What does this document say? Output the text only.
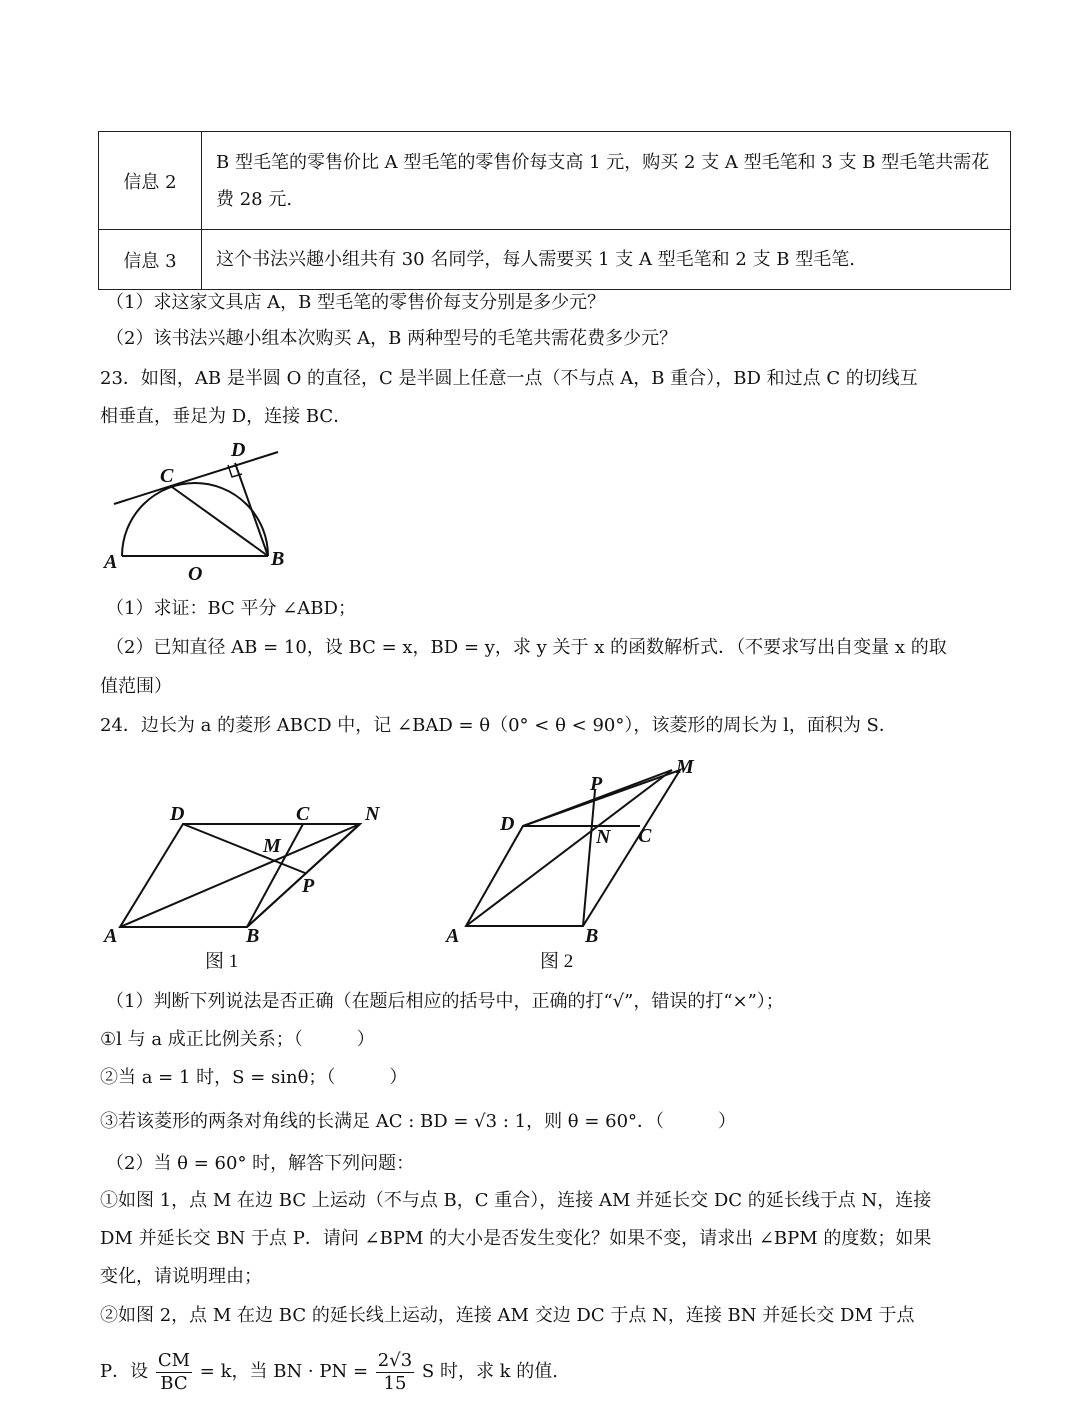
信息 2	B 型毛笔的零售价比 A 型毛笔的零售价每支高 1 元，购买 2 支 A 型毛笔和 3 支 B 型毛笔共需花费 28 元.
信息 3	这个书法兴趣小组共有 30 名同学，每人需要买 1 支 A 型毛笔和 2 支 B 型毛笔.
（1）求这家文具店 A，B 型毛笔的零售价每支分别是多少元？
（2）该书法兴趣小组本次购买 A，B 两种型号的毛笔共需花费多少元？
23．如图，AB 是半圆 O 的直径，C 是半圆上任意一点（不与点 A，B 重合），BD 和过点 C 的切线互
相垂直，垂足为 D，连接 BC．
D
C
A	B
O
（1）求证：BC 平分 ∠ABD；
（2）已知直径 AB = 10，设 BC = x，BD = y，求 y 关于 x 的函数解析式．（不要求写出自变量 x 的取
值范围）
24．边长为 a 的菱形 ABCD 中，记 ∠BAD = θ（0° < θ < 90°），该菱形的周长为 l，面积为 S．
D	C	N
M
P
A	B
图 1
P
M
D
N C
A	B
图 2
（1）判断下列说法是否正确（在题后相应的括号中，正确的打“√”，错误的打“×”）；
①l 与 a 成正比例关系；（　　　）
②当 a = 1 时，S = sinθ；（　　　）
③若该菱形的两条对角线的长满足 AC : BD = √3 : 1，则 θ = 60°．（　　　）
（2）当 θ = 60° 时，解答下列问题：
①如图 1，点 M 在边 BC 上运动（不与点 B，C 重合），连接 AM 并延长交 DC 的延长线于点 N，连接
DM 并延长交 BN 于点 P．请问 ∠BPM 的大小是否发生变化？如果不变，请求出 ∠BPM 的度数；如果
变化，请说明理由；
②如图 2，点 M 在边 BC 的延长线上运动，连接 AM 交边 DC 于点 N，连接 BN 并延长交 DM 于点
P．设 $\frac{CM}{BC} = k$，当 BN · PN = $\frac{2√3}{15}$ S 时，求 k 的值.
